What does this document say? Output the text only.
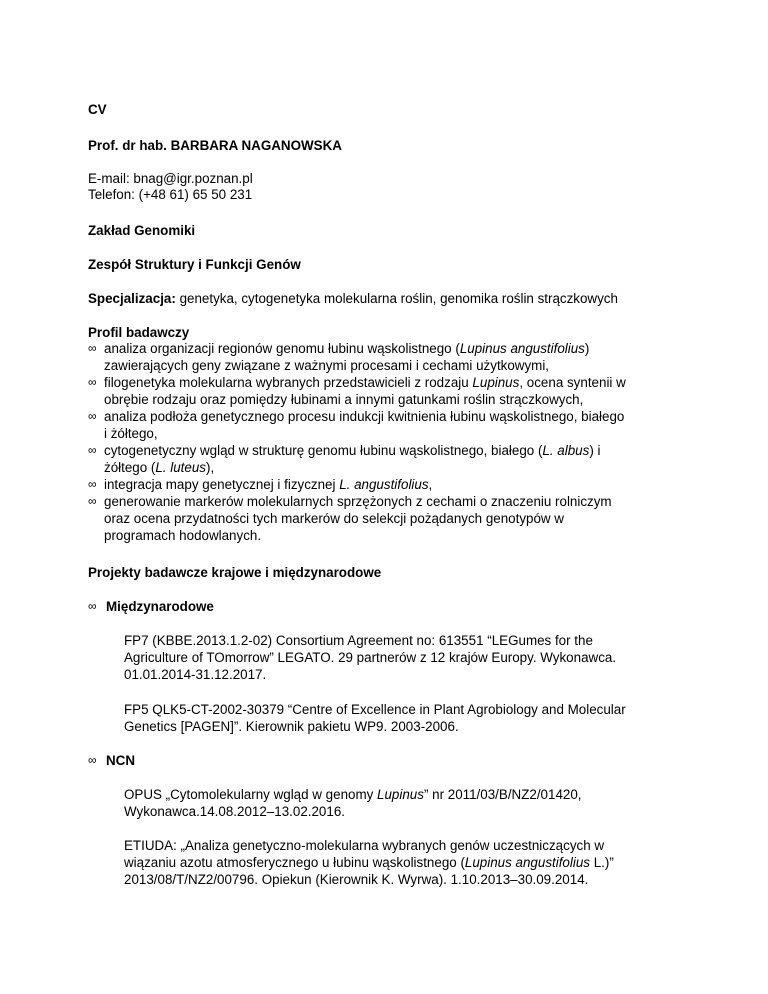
CV
Prof. dr hab. BARBARA NAGANOWSKA
E-mail: bnag@igr.poznan.pl
Telefon: (+48 61) 65 50 231
Zakład Genomiki
Zespół Struktury i Funkcji Genów
Specjalizacja: genetyka, cytogenetyka molekularna roślin, genomika roślin strączkowych
Profil badawczy
∞ analiza organizacji regionów genomu łubinu wąskolistnego (Lupinus angustifolius)
zawierających geny związane z ważnymi procesami i cechami użytkowymi,
∞ filogenetyka molekularna wybranych przedstawicieli z rodzaju Lupinus, ocena syntenii w
obrębie rodzaju oraz pomiędzy łubinami a innymi gatunkami roślin strączkowych,
∞ analiza podłoża genetycznego procesu indukcji kwitnienia łubinu wąskolistnego, białego
i żółtego,
∞ cytogenetyczny wgląd w strukturę genomu łubinu wąskolistnego, białego (L. albus) i
żółtego (L. luteus),
∞ integracja mapy genetycznej i fizycznej L. angustifolius,
∞ generowanie markerów molekularnych sprzężonych z cechami o znaczeniu rolniczym
oraz ocena przydatności tych markerów do selekcji pożądanych genotypów w
programach hodowlanych.
Projekty badawcze krajowe i międzynarodowe
∞ Międzynarodowe
FP7 (KBBE.2013.1.2-02) Consortium Agreement no: 613551 “LEGumes for the
Agriculture of TOmorrow” LEGATO. 29 partnerów z 12 krajów Europy. Wykonawca.
01.01.2014-31.12.2017.
FP5 QLK5-CT-2002-30379 “Centre of Excellence in Plant Agrobiology and Molecular
Genetics [PAGEN]”. Kierownik pakietu WP9. 2003-2006.
∞ NCN
OPUS „Cytomolekularny wgląd w genomy Lupinus” nr 2011/03/B/NZ2/01420,
Wykonawca.14.08.2012–13.02.2016.
ETIUDA: „Analiza genetyczno-molekularna wybranych genów uczestniczących w
wiązaniu azotu atmosferycznego u łubinu wąskolistnego (Lupinus angustifolius L.)”
2013/08/T/NZ2/00796. Opiekun (Kierownik K. Wyrwa). 1.10.2013–30.09.2014.
